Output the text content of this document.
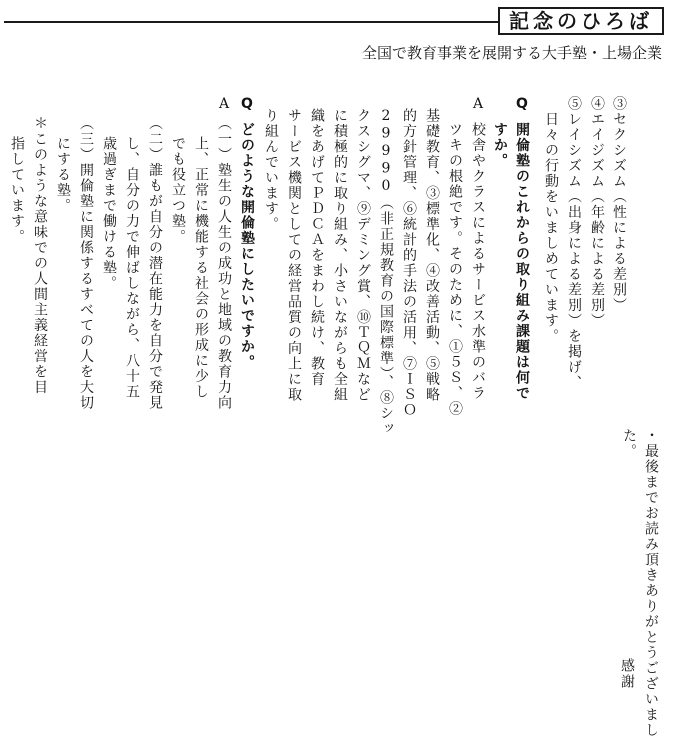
記念のひろば
全国で教育事業を展開する大手塾・上場企業
③セクシズム（性による差別）
④エイジズム（年齢による差別）
⑤レイシズム（出身による差別）を掲げ、
　日々の行動をいましめています。
Q
開倫塾のこれからの取り組み課題は何で
すか。
A
校舎やクラスによるサービス水準のバラ
ツキの根絶です。そのために、①５Ｓ、②
基礎教育、③標準化、④改善活動、⑤戦略
的方針管理、⑥統計的手法の活用、⑦ＩＳＯ
29990（非正規教育の国際標準）、⑧シッ
クスシグマ、⑨デミング賞、⑩ＴＱＭなど
に積極的に取り組み、小さいながらも全組
織をあげてＰＤＣＡをまわし続け、教育
サービス機関としての経営品質の向上に取
り組んでいます。
Q
どのような開倫塾にしたいですか。
A
（一）塾生の人生の成功と地域の教育力向
上、正常に機能する社会の形成に少し
でも役立つ塾。
（二）誰もが自分の潜在能力を自分で発見
し、自分の力で伸ばしながら、八十五
歳過ぎまで働ける塾。
（三）開倫塾に関係するすべての人を大切
にする塾。
＊このような意味での人間主義経営を目
指しています。
・最後までお読み頂きありがとうございまし
た。
感謝
